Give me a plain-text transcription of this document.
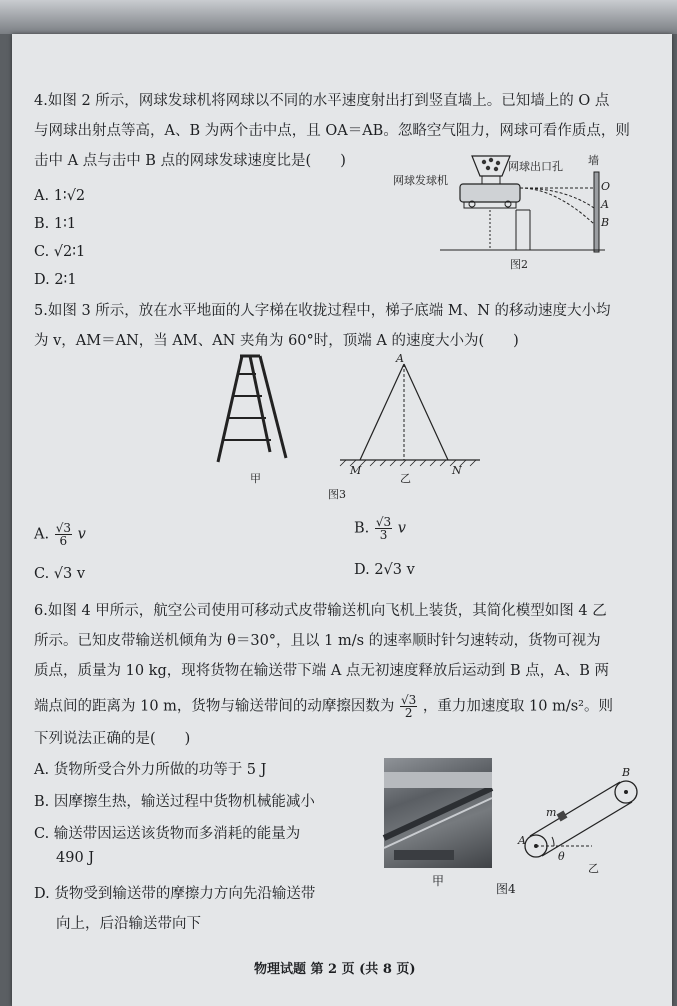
4.如图 2 所示，网球发球机将网球以不同的水平速度射出打到竖直墙上。已知墙上的 O 点
与网球出射点等高，A、B 为两个击中点，且 OA＝AB。忽略空气阻力，网球可看作质点，则
击中 A 点与击中 B 点的网球发球速度比是(　　)
A. 1∶√2
B. 1∶1
C. √2∶1
D. 2∶1
网球发球机
网球出口孔 墙
O
A
B
图2
5.如图 3 所示，放在水平地面的人字梯在收拢过程中，梯子底端 M、N 的移动速度大小均
为 v，AM＝AN，当 AM、AN 夹角为 60°时，顶端 A 的速度大小为(　　)
甲
A
M	N
乙
图3
A. $\frac{√3}{6}$ v	B. $\frac{√3}{3}$ v
C. √3 v	D. 2√3 v
6.如图 4 甲所示，航空公司使用可移动式皮带输送机向飞机上装货，其简化模型如图 4 乙
所示。已知皮带输送机倾角为 θ＝30°，且以 1 m/s 的速率顺时针匀速转动，货物可视为
质点，质量为 10 kg，现将货物在输送带下端 A 点无初速度释放后运动到 B 点，A、B 两
端点间的距离为 10 m，货物与输送带间的动摩擦因数为 $\frac{√3}{2}$ ，重力加速度取 10 m/s²。则
下列说法正确的是(　　)
A. 货物所受合外力所做的功等于 5 J
B. 因摩擦生热，输送过程中货物机械能减小
C. 输送带因运送该货物而多消耗的能量为
490 J
D. 货物受到输送带的摩擦力方向先沿输送带
向上，后沿输送带向下
甲
图4
A
B
m
θ
乙
物理试题 第 2 页 (共 8 页)
